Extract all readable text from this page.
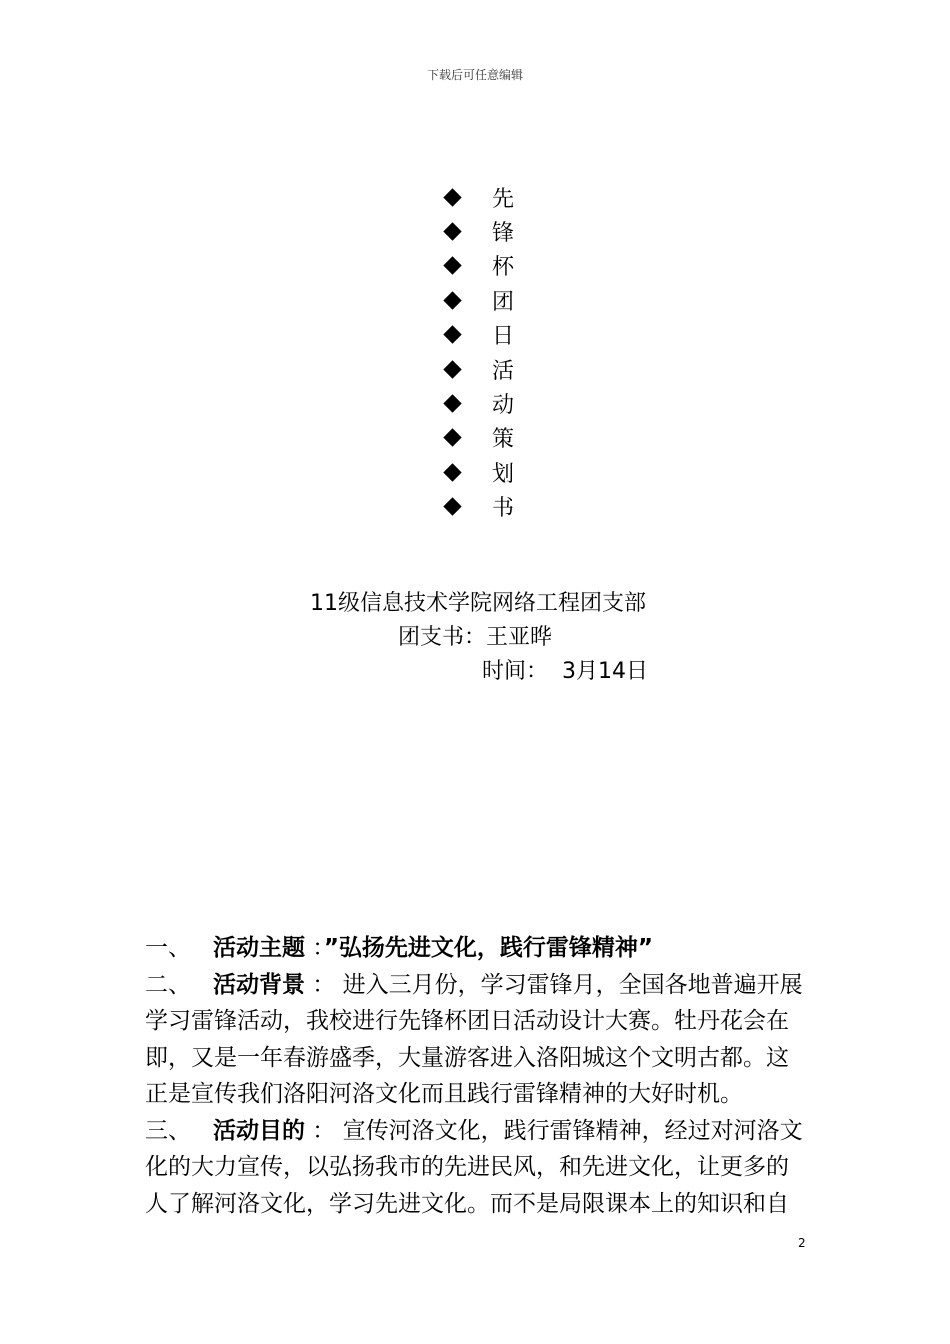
下载后可任意编辑
先
锋
杯
团
日
活
动
策
划
书
11级信息技术学院网络工程团支部
团支书：王亚晔
时间： 3月14日

一、 活动主题 ：”弘扬先进文化，践行雷锋精神”

二、 活动背景 ： 进入三月份，学习雷锋月，全国各地普遍开展学习雷锋活动，我校进行先锋杯团日活动设计大赛。牡丹花会在即，又是一年春游盛季，大量游客进入洛阳城这个文明古都。这正是宣传我们洛阳河洛文化而且践行雷锋精神的大好时机。

三、 活动目的 ： 宣传河洛文化，践行雷锋精神，经过对河洛文化的大力宣传，以弘扬我市的先进民风，和先进文化，让更多的人了解河洛文化，学习先进文化。而不是局限课本上的知识和自

2
